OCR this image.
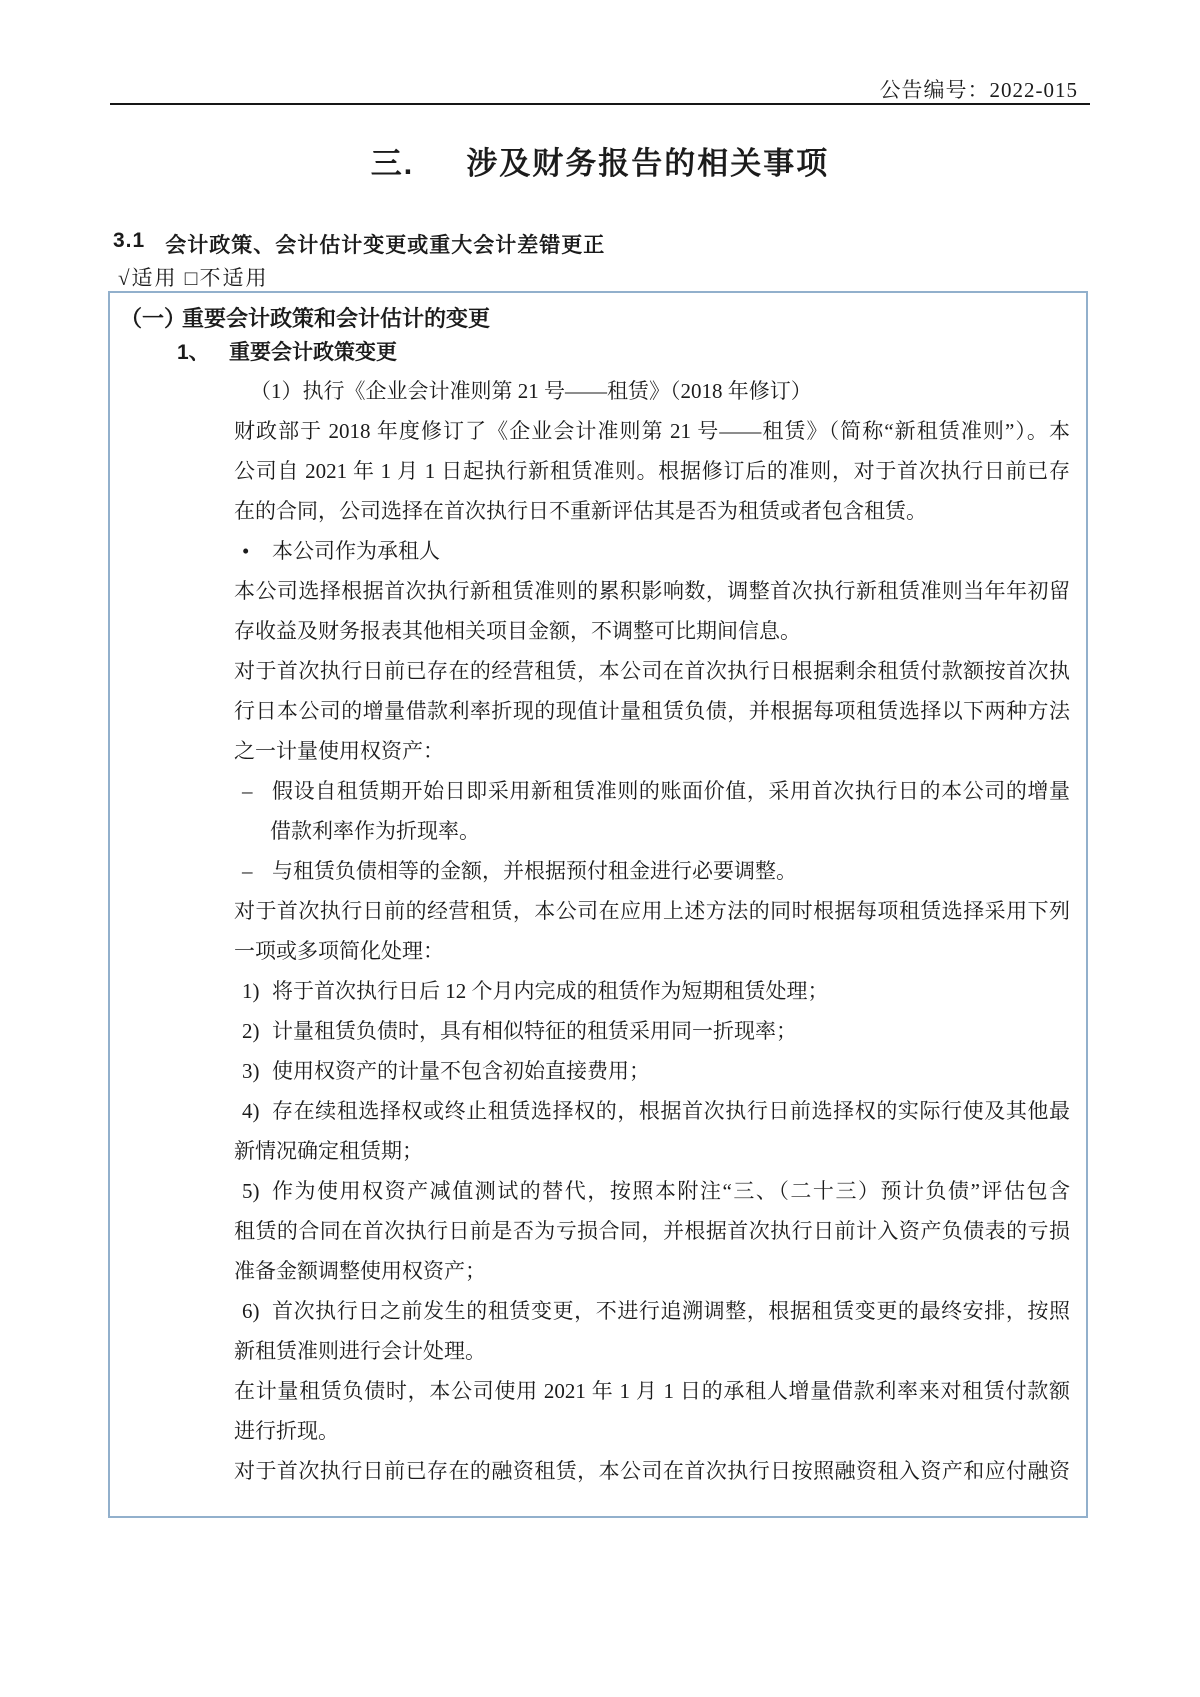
公告编号：2022-015
三. 涉及财务报告的相关事项
3.1 会计政策、会计估计变更或重大会计差错更正
√适用 □不适用
（一）
重要会计政策和会计估计的变更
1、 重要会计政策变更
（1）执行《企业会计准则第 21 号——租赁》（2018 年修订）
财政部于 2018 年度修订了《企业会计准则第 21 号——租赁》（简称“新租赁准则”）。本
公司自 2021 年 1 月 1 日起执行新租赁准则。根据修订后的准则，对于首次执行日前已存
在的合同，公司选择在首次执行日不重新评估其是否为租赁或者包含租赁。
•	本公司作为承租人
本公司选择根据首次执行新租赁准则的累积影响数，调整首次执行新租赁准则当年年初留
存收益及财务报表其他相关项目金额，不调整可比期间信息。
对于首次执行日前已存在的经营租赁，本公司在首次执行日根据剩余租赁付款额按首次执
行日本公司的增量借款利率折现的现值计量租赁负债，并根据每项租赁选择以下两种方法
之一计量使用权资产：
– 假设自租赁期开始日即采用新租赁准则的账面价值，采用首次执行日的本公司的增量
借款利率作为折现率。
– 与租赁负债相等的金额，并根据预付租金进行必要调整。
对于首次执行日前的经营租赁，本公司在应用上述方法的同时根据每项租赁选择采用下列
一项或多项简化处理：
1) 将于首次执行日后 12 个月内完成的租赁作为短期租赁处理；
2) 计量租赁负债时，具有相似特征的租赁采用同一折现率；
3) 使用权资产的计量不包含初始直接费用；
4) 存在续租选择权或终止租赁选择权的，根据首次执行日前选择权的实际行使及其他最
新情况确定租赁期；
5) 作为使用权资产减值测试的替代，按照本附注“三、（二十三）预计负债”评估包含
租赁的合同在首次执行日前是否为亏损合同，并根据首次执行日前计入资产负债表的亏损
准备金额调整使用权资产；
6) 首次执行日之前发生的租赁变更，不进行追溯调整，根据租赁变更的最终安排，按照
新租赁准则进行会计处理。
在计量租赁负债时，本公司使用 2021 年 1 月 1 日的承租人增量借款利率来对租赁付款额
进行折现。
对于首次执行日前已存在的融资租赁，本公司在首次执行日按照融资租入资产和应付融资
